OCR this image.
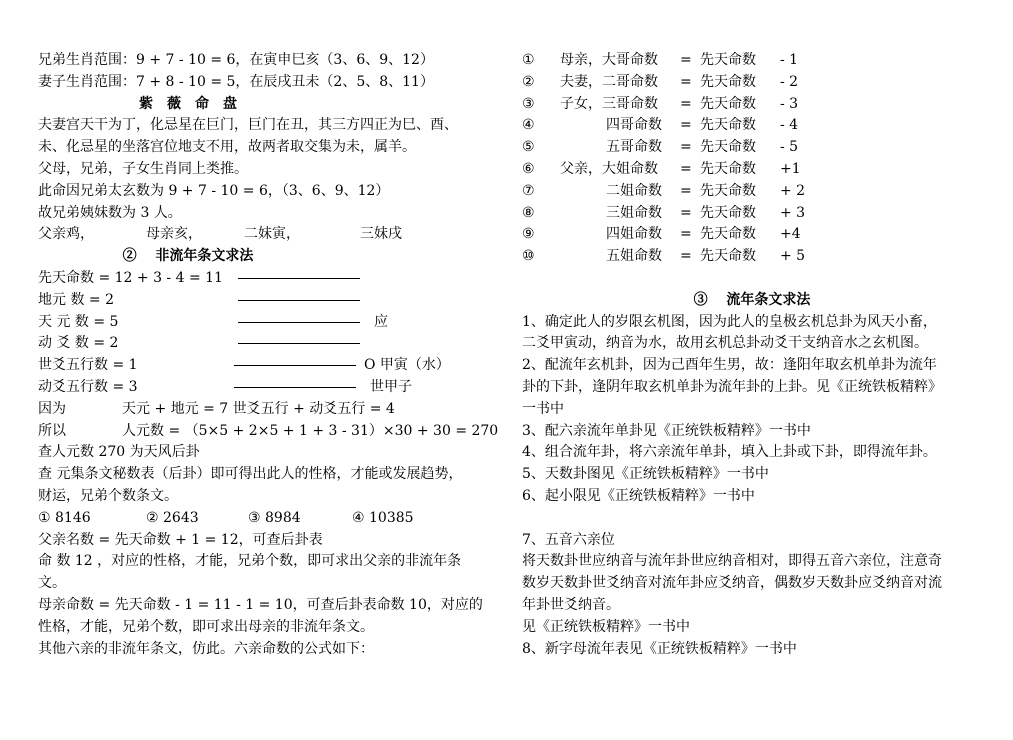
兄弟生肖范围：9 + 7 - 10 = 6，在寅申巳亥（3、6、9、12）
妻子生肖范围：7 + 8 - 10 = 5，在辰戌丑未（2、5、8、11）
紫　薇　命　盘
夫妻宫天干为丁，化忌星在巨门，巨门在丑，其三方四正为巳、酉、
未、化忌星的坐落宫位地支不用，故两者取交集为未，属羊。
父母，兄弟，子女生肖同上类推。
此命因兄弟太玄数为 9 + 7 - 10 = 6，（3、6、9、12）
故兄弟姨妹数为 3 人。
父亲鸡，	母亲亥，	二妹寅，	三妹戌
②　 非流年条文求法
先天命数 = 12 + 3 - 4 = 11
地元 数 = 2
天 元 数 = 5	应
动 爻 数 = 2
世爻五行数 = 1	O 甲寅（水）
动爻五行数 = 3	世甲子
因为	天元 + 地元 = 7 世爻五行 + 动爻五行 = 4
所以	人元数 = （5×5 + 2×5 + 1 + 3 - 31）×30 + 30 = 270
查人元数 270 为天风后卦
查 元集条文秘数表（后卦）即可得出此人的性格，才能或发展趋势，
财运，兄弟个数条文。
① 8146	② 2643	③ 8984	④ 10385
父亲名数 = 先天命数 + 1 = 12，可查后卦表
命 数 12 ，对应的性格，才能，兄弟个数，即可求出父亲的非流年条
文。
母亲命数 = 先天命数 - 1 = 11 - 1 = 10，可查后卦表命数 10，对应的
性格，才能，兄弟个数，即可求出母亲的非流年条文。
其他六亲的非流年条文，仿此。六亲命数的公式如下：
① 母亲，大哥命数 = 先天命数 - 1
② 夫妻，二哥命数 = 先天命数 - 2
③ 子女，三哥命数 = 先天命数 - 3
④	四哥命数 = 先天命数 - 4
⑤	五哥命数 = 先天命数 - 5
⑥ 父亲，大姐命数 = 先天命数 +1
⑦	二姐命数 = 先天命数 + 2
⑧	三姐命数 = 先天命数 + 3
⑨	四姐命数 = 先天命数 +4
⑩	五姐命数 = 先天命数 + 5
③　 流年条文求法
1、确定此人的岁限玄机图，因为此人的皇极玄机总卦为风天小畜，
二爻甲寅动，纳音为水，故用玄机总卦动爻干支纳音水之玄机图。
2、配流年玄机卦，因为己酉年生男，故：逢阳年取玄机单卦为流年
卦的下卦，逢阴年取玄机单卦为流年卦的上卦。见《正统铁板精粹》
一书中
3、配六亲流年单卦见《正统铁板精粹》一书中
4、组合流年卦，将六亲流年单卦，填入上卦或下卦，即得流年卦。
5、天数卦图见《正统铁板精粹》一书中
6、起小限见《正统铁板精粹》一书中
7、五音六亲位
将天数卦世应纳音与流年卦世应纳音相对，即得五音六亲位，注意奇
数岁天数卦世爻纳音对流年卦应爻纳音，偶数岁天数卦应爻纳音对流
年卦世爻纳音。
见《正统铁板精粹》一书中
8、新字母流年表见《正统铁板精粹》一书中
